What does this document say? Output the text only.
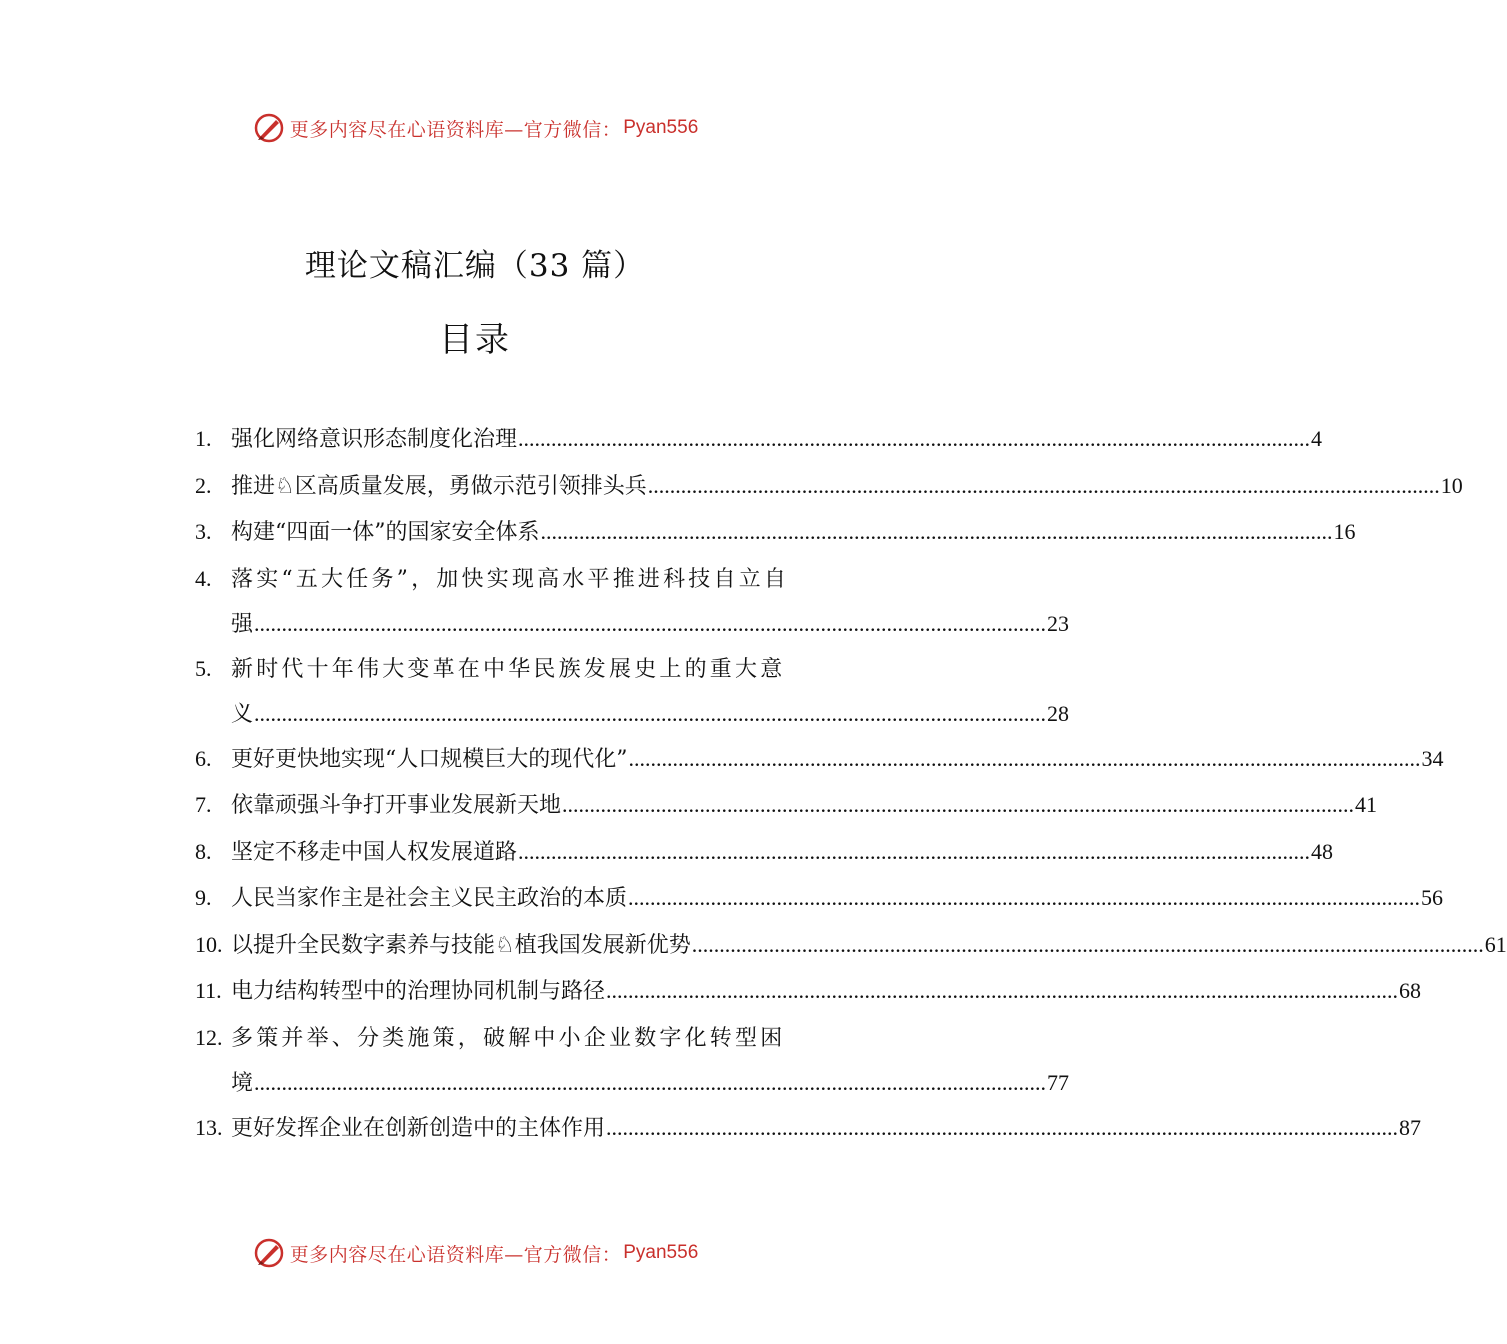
更多内容尽在心语资料库—官方微信： Pyan556
理论文稿汇编（33 篇）
目录
1. 强化网络意识形态制度化治理 ................................................................................................................................................ 4
2. 推进♘区高质量发展，勇做示范引领排头兵 ................................................................................................................................................ 10
3. 构建“四面一体”的国家安全体系 ................................................................................................................................................ 16
4. 落实“五大任务”，加快实现高水平推进科技自立自
强 ................................................................................................................................................ 23
5. 新时代十年伟大变革在中华民族发展史上的重大意
义 ................................................................................................................................................ 28
6. 更好更快地实现“人口规模巨大的现代化” ................................................................................................................................................ 34
7. 依靠顽强斗争打开事业发展新天地 ................................................................................................................................................ 41
8. 坚定不移走中国人权发展道路 ................................................................................................................................................ 48
9. 人民当家作主是社会主义民主政治的本质 ................................................................................................................................................ 56
10. 以提升全民数字素养与技能♘植我国发展新优势 ................................................................................................................................................ 61
11. 电力结构转型中的治理协同机制与路径 ................................................................................................................................................ 68
12. 多策并举、分类施策，破解中小企业数字化转型困
境 ................................................................................................................................................ 77
13. 更好发挥企业在创新创造中的主体作用 ................................................................................................................................................ 87
更多内容尽在心语资料库—官方微信： Pyan556
